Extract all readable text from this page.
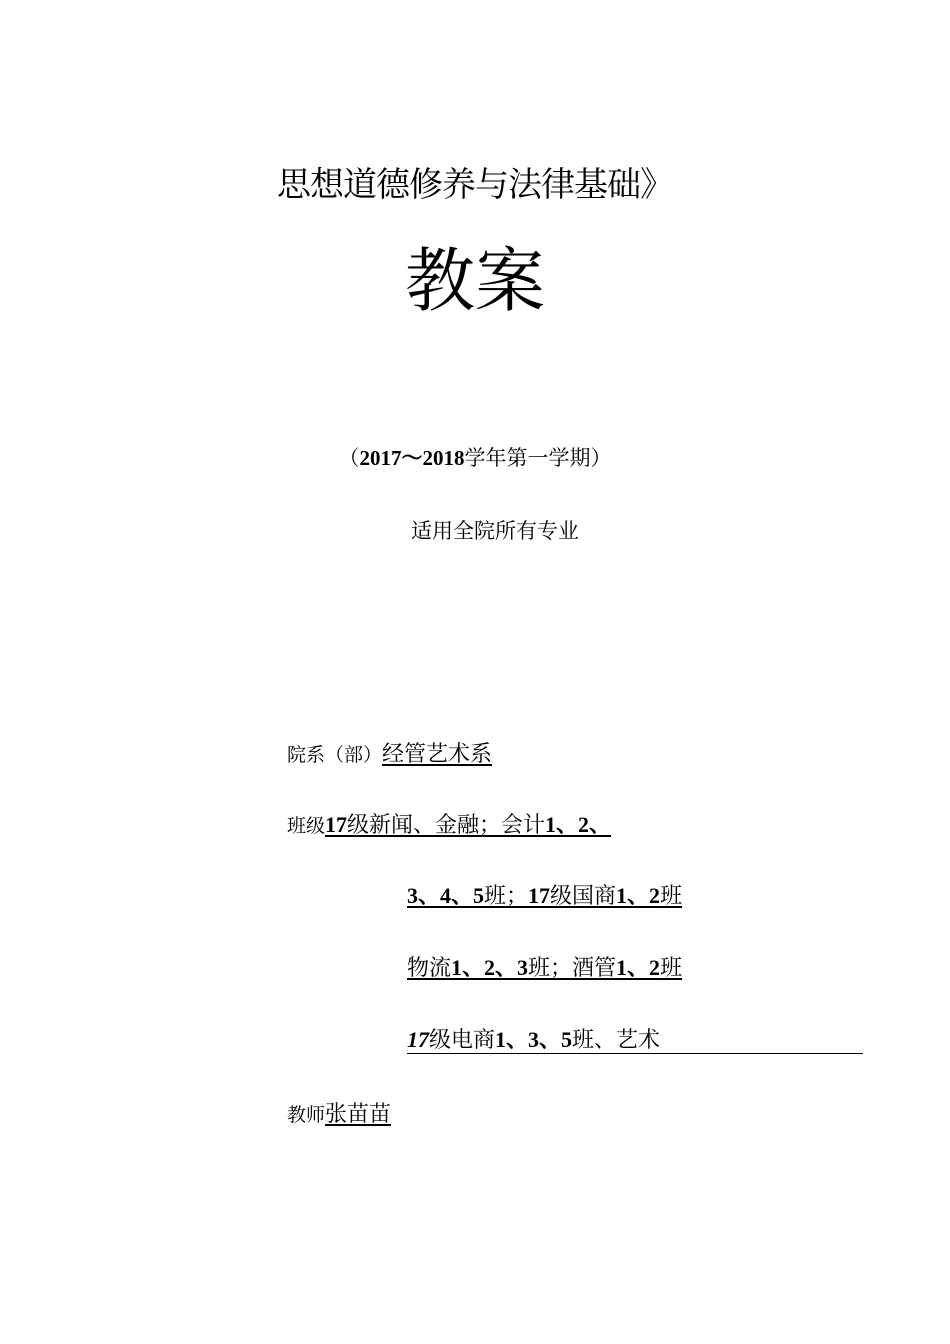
思想道德修养与法律基础》
教案
（2017～2018学年第一学期）
适用全院所有专业
院系（部）经管艺术系
班级17级新闻、金融；会计1、2、
3、4、5班；17级国商1、2班
物流1、2、3班；酒管1、2班
17级电商1、3、5班、艺术
教师张苗苗
